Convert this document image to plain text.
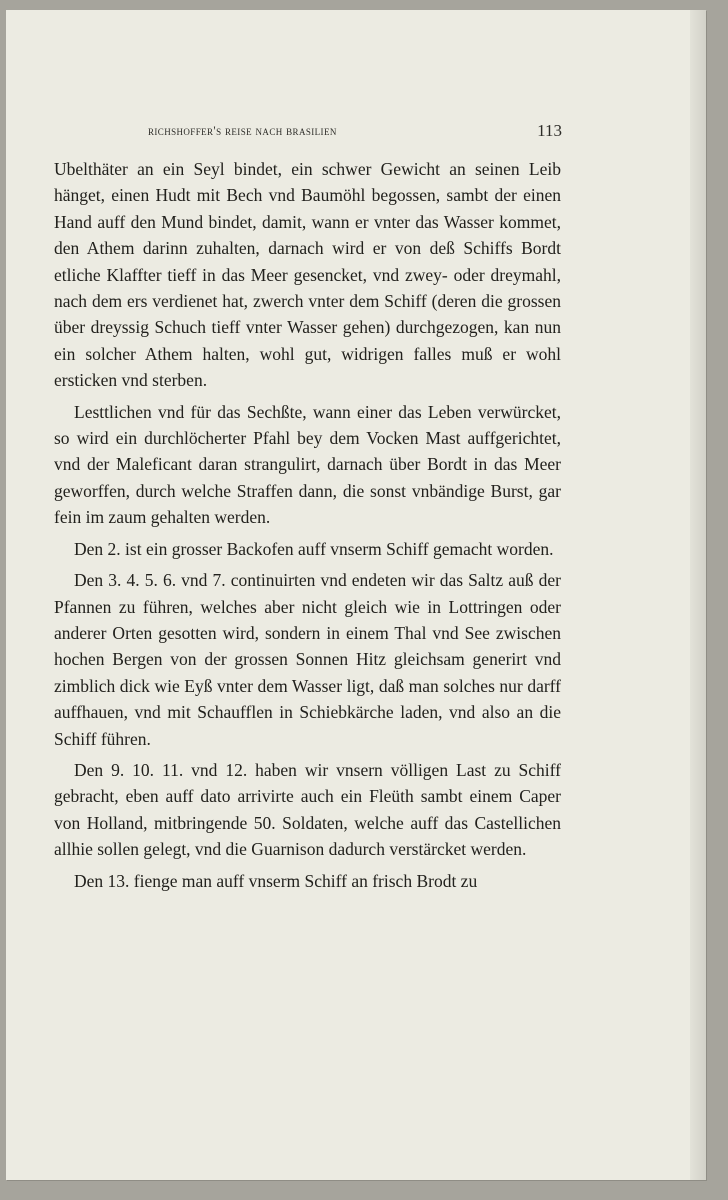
richshoffer's reise nach brasilien	113

Ubelthäter an ein Seyl bindet, ein schwer Gewicht an seinen Leib hänget, einen Hudt mit Bech vnd Baumöhl begossen, sambt der einen Hand auff den Mund bindet, damit, wann er vnter das Wasser kommet, den Athem darinn zuhalten, darnach wird er von deß Schiffs Bordt etliche Klaffter tieff in das Meer gesencket, vnd zwey- oder dreymahl, nach dem ers verdienet hat, zwerch vnter dem Schiff (deren die grossen über dreyssig Schuch tieff vnter Wasser gehen) durchgezogen, kan nun ein solcher Athem halten, wohl gut, widrigen falles muß er wohl ersticken vnd sterben.

Lesttlichen vnd für das Sechßte, wann einer das Leben verwürcket, so wird ein durchlöcherter Pfahl bey dem Vocken Mast auffgerichtet, vnd der Maleficant daran strangulirt, darnach über Bordt in das Meer geworffen, durch welche Straffen dann, die sonst vnbändige Burst, gar fein im zaum gehalten werden.

Den 2. ist ein grosser Backofen auff vnserm Schiff gemacht worden.

Den 3. 4. 5. 6. vnd 7. continuirten vnd endeten wir das Saltz auß der Pfannen zu führen, welches aber nicht gleich wie in Lottringen oder anderer Orten gesotten wird, sondern in einem Thal vnd See zwischen hochen Bergen von der grossen Sonnen Hitz gleichsam generirt vnd zimblich dick wie Eyß vnter dem Wasser ligt, daß man solches nur darff auffhauen, vnd mit Schaufflen in Schiebkärche laden, vnd also an die Schiff führen.

Den 9. 10. 11. vnd 12. haben wir vnsern völligen Last zu Schiff gebracht, eben auff dato arrivirte auch ein Fleüth sambt einem Caper von Holland, mitbringende 50. Soldaten, welche auff das Castellichen allhie sollen gelegt, vnd die Guarnison dadurch verstärcket werden.

Den 13. fienge man auff vnserm Schiff an frisch Brodt zu
